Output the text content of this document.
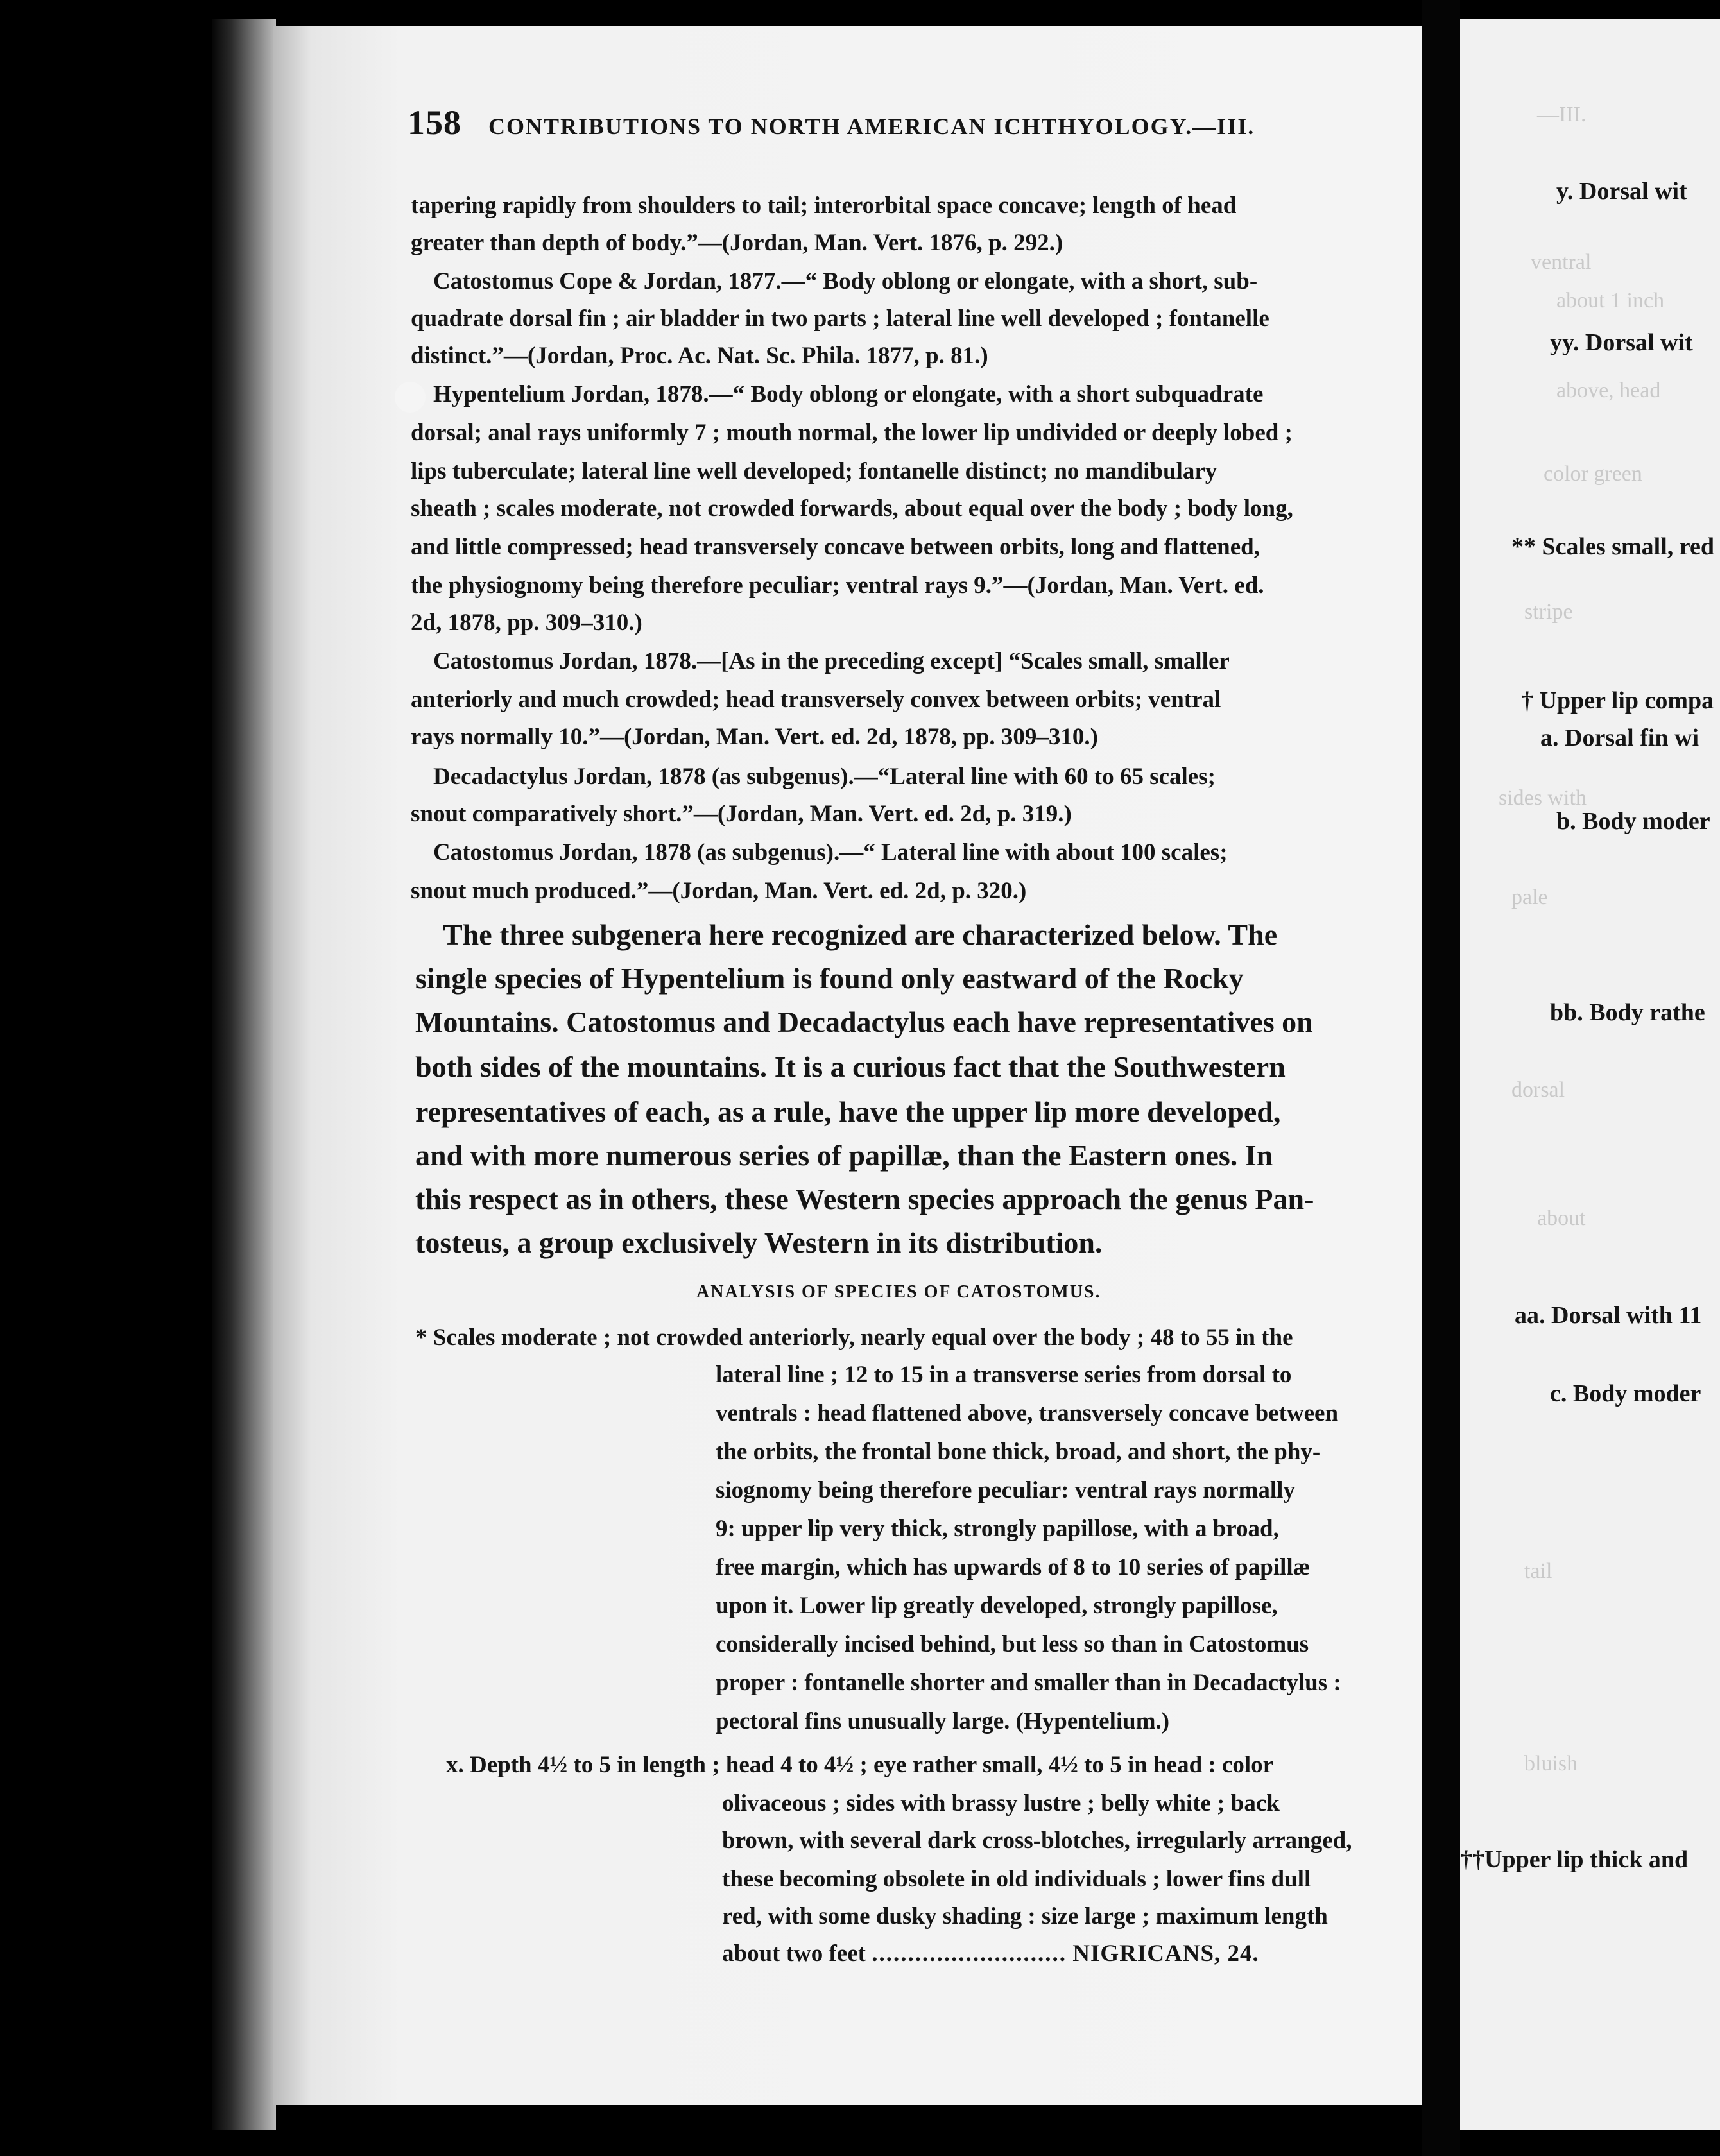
158 CONTRIBUTIONS TO NORTH AMERICAN ICHTHYOLOGY.—III.
tapering rapidly from shoulders to tail; interorbital space concave; length of head
greater than depth of body.”—(Jordan, Man. Vert. 1876, p. 292.)
Catostomus Cope & Jordan, 1877.—“ Body oblong or elongate, with a short, sub-
quadrate dorsal fin ; air bladder in two parts ; lateral line well developed ; fontanelle
distinct.”—(Jordan, Proc. Ac. Nat. Sc. Phila. 1877, p. 81.)
Hypentelium Jordan, 1878.—“ Body oblong or elongate, with a short subquadrate
dorsal; anal rays uniformly 7 ; mouth normal, the lower lip undivided or deeply lobed ;
lips tuberculate; lateral line well developed; fontanelle distinct; no mandibulary
sheath ; scales moderate, not crowded forwards, about equal over the body ; body long,
and little compressed; head transversely concave between orbits, long and flattened,
the physiognomy being therefore peculiar; ventral rays 9.”—(Jordan, Man. Vert. ed.
2d, 1878, pp. 309–310.)
Catostomus Jordan, 1878.—[As in the preceding except] “Scales small, smaller
anteriorly and much crowded; head transversely convex between orbits; ventral
rays normally 10.”—(Jordan, Man. Vert. ed. 2d, 1878, pp. 309–310.)
Decadactylus Jordan, 1878 (as subgenus).—“Lateral line with 60 to 65 scales;
snout comparatively short.”—(Jordan, Man. Vert. ed. 2d, p. 319.)
Catostomus Jordan, 1878 (as subgenus).—“ Lateral line with about 100 scales;
snout much produced.”—(Jordan, Man. Vert. ed. 2d, p. 320.)
The three subgenera here recognized are characterized below. The
single species of Hypentelium is found only eastward of the Rocky
Mountains. Catostomus and Decadactylus each have representatives on
both sides of the mountains. It is a curious fact that the Southwestern
representatives of each, as a rule, have the upper lip more developed,
and with more numerous series of papillæ, than the Eastern ones. In
this respect as in others, these Western species approach the genus Pan-
tosteus, a group exclusively Western in its distribution.
ANALYSIS OF SPECIES OF CATOSTOMUS.
* Scales moderate ; not crowded anteriorly, nearly equal over the body ; 48 to 55 in the
lateral line ; 12 to 15 in a transverse series from dorsal to
ventrals : head flattened above, transversely concave between
the orbits, the frontal bone thick, broad, and short, the phy-
siognomy being therefore peculiar: ventral rays normally
9: upper lip very thick, strongly papillose, with a broad,
free margin, which has upwards of 8 to 10 series of papillæ
upon it. Lower lip greatly developed, strongly papillose,
considerally incised behind, but less so than in Catostomus
proper : fontanelle shorter and smaller than in Decadactylus :
pectoral fins unusually large. (Hypentelium.)
x. Depth 4½ to 5 in length ; head 4 to 4½ ; eye rather small, 4½ to 5 in head : color
olivaceous ; sides with brassy lustre ; belly white ; back
brown, with several dark cross-blotches, irregularly arranged,
these becoming obsolete in old individuals ; lower fins dull
red, with some dusky shading : size large ; maximum length
about two feet ........................... NIGRICANS, 24.
—III.
y. Dorsal wit
ventral
about 1 inch
yy. Dorsal wit
above, head
color green
** Scales small, red
stripe
† Upper lip compa
a. Dorsal fin wi
sides with
b. Body moder
pale
bb. Body rathe
dorsal
about
aa. Dorsal with 11
c. Body moder
tail
bluish
††Upper lip thick and
